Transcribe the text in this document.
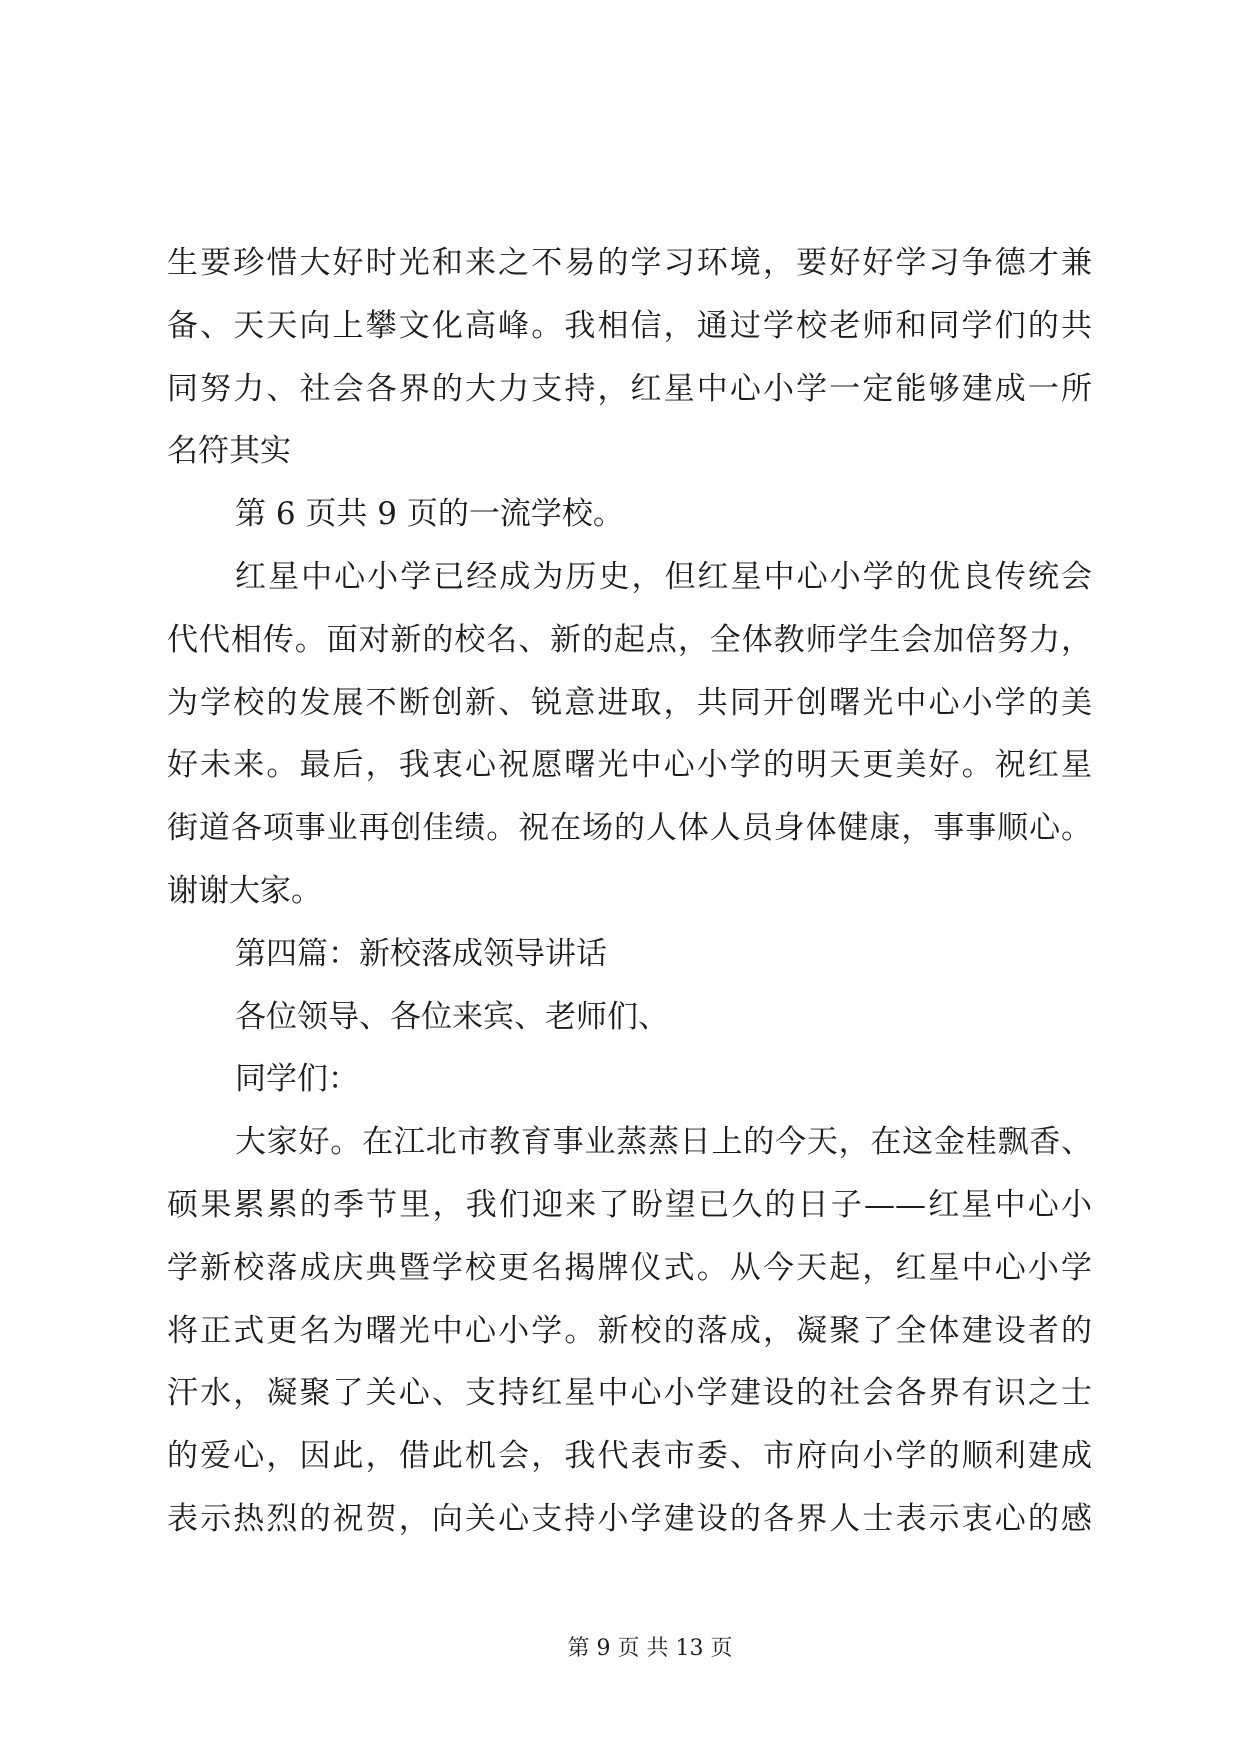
生要珍惜大好时光和来之不易的学习环境，要好好学习争德才兼
备、天天向上攀文化高峰。我相信，通过学校老师和同学们的共
同努力、社会各界的大力支持，红星中心小学一定能够建成一所
名符其实
第 6 页共 9 页的一流学校。
红星中心小学已经成为历史，但红星中心小学的优良传统会
代代相传。面对新的校名、新的起点，全体教师学生会加倍努力，
为学校的发展不断创新、锐意进取，共同开创曙光中心小学的美
好未来。最后，我衷心祝愿曙光中心小学的明天更美好。祝红星
街道各项事业再创佳绩。祝在场的人体人员身体健康，事事顺心。
谢谢大家。
第四篇：新校落成领导讲话
各位领导、各位来宾、老师们、
同学们：
大家好。在江北市教育事业蒸蒸日上的今天，在这金桂飘香、
硕果累累的季节里，我们迎来了盼望已久的日子——红星中心小
学新校落成庆典暨学校更名揭牌仪式。从今天起，红星中心小学
将正式更名为曙光中心小学。新校的落成，凝聚了全体建设者的
汗水，凝聚了关心、支持红星中心小学建设的社会各界有识之士
的爱心，因此，借此机会，我代表市委、市府向小学的顺利建成
表示热烈的祝贺，向关心支持小学建设的各界人士表示衷心的感
第 9 页 共 13 页
